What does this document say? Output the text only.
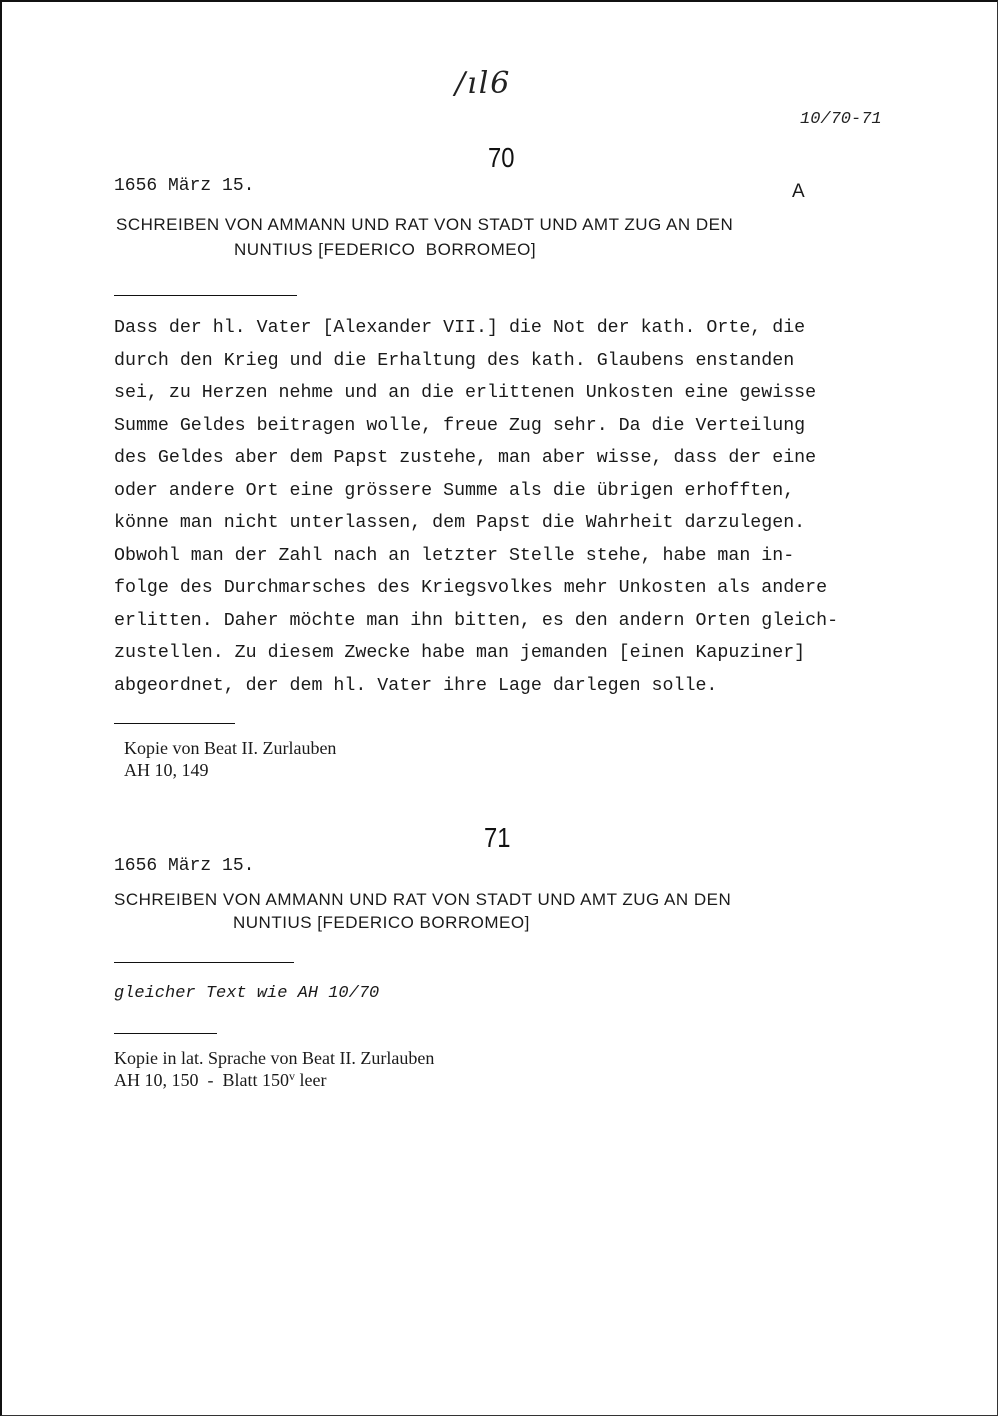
/ıl6
10/70-71
70
1656 März 15.	A
SCHREIBEN VON AMMANN UND RAT VON STADT UND AMT ZUG AN DEN
NUNTIUS [FEDERICO  BORROMEO]
Dass der hl. Vater [Alexander VII.] die Not der kath. Orte, die
durch den Krieg und die Erhaltung des kath. Glaubens enstanden
sei, zu Herzen nehme und an die erlittenen Unkosten eine gewisse
Summe Geldes beitragen wolle, freue Zug sehr. Da die Verteilung
des Geldes aber dem Papst zustehe, man aber wisse, dass der eine
oder andere Ort eine grössere Summe als die übrigen erhofften,
könne man nicht unterlassen, dem Papst die Wahrheit darzulegen.
Obwohl man der Zahl nach an letzter Stelle stehe, habe man in-
folge des Durchmarsches des Kriegsvolkes mehr Unkosten als andere
erlitten. Daher möchte man ihn bitten, es den andern Orten gleich-
zustellen. Zu diesem Zwecke habe man jemanden [einen Kapuziner]
abgeordnet, der dem hl. Vater ihre Lage darlegen solle.
Kopie von Beat II. Zurlauben
AH 10, 149
71
1656 März 15.
SCHREIBEN VON AMMANN UND RAT VON STADT UND AMT ZUG AN DEN
NUNTIUS [FEDERICO BORROMEO]
gleicher Text wie AH 10/70
Kopie in lat. Sprache von Beat II. Zurlauben
AH 10, 150  -  Blatt 150$^v$ leer
